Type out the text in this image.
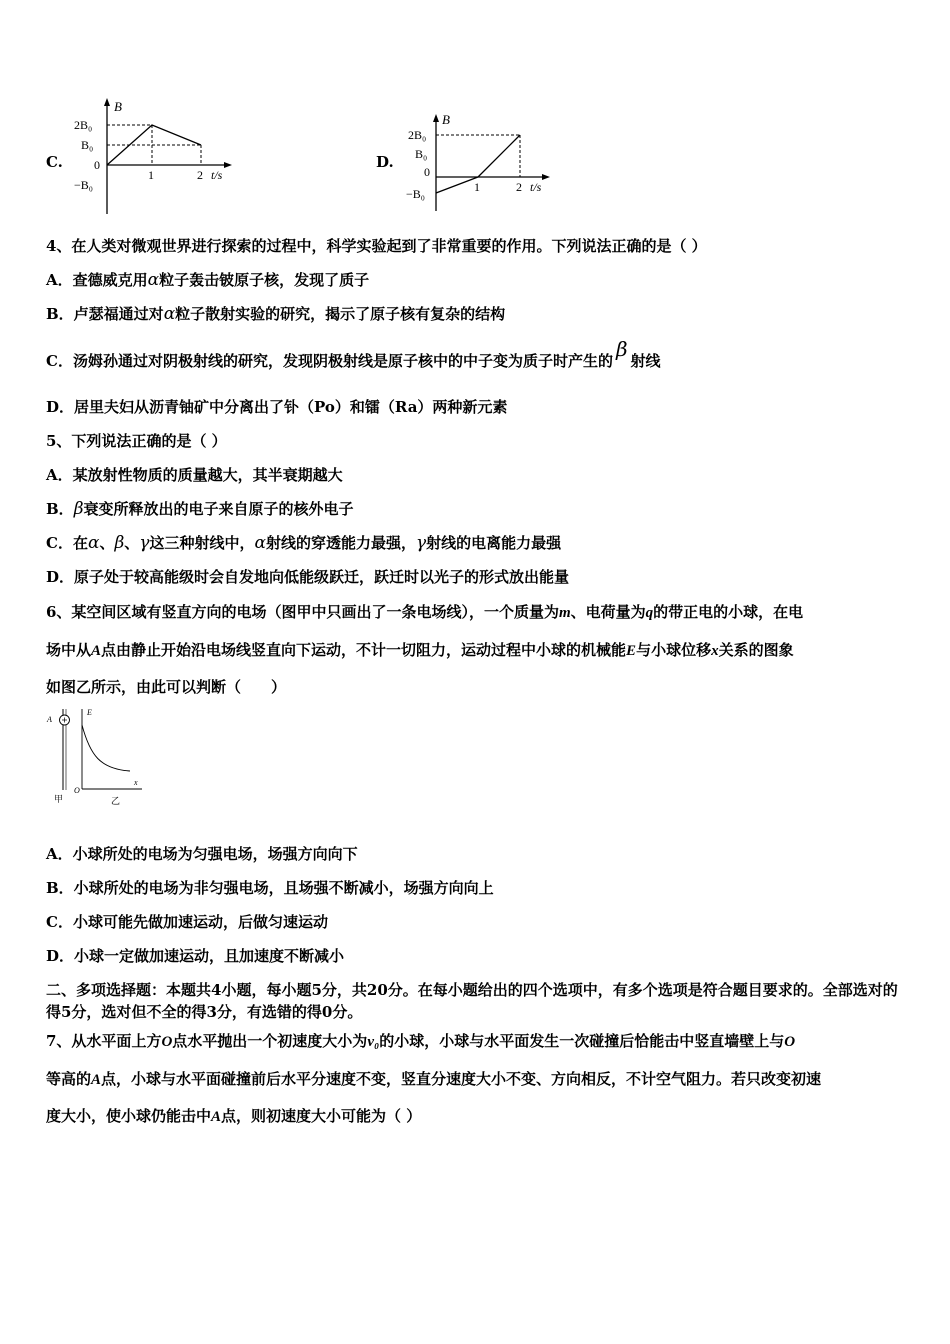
C.
B
2B₀
B₀
0
−B₀
1	2 t/s
D.
B
2B₀
B₀
0
−B₀	1	2 t/s
4、在人类对微观世界进行探索的过程中，科学实验起到了非常重要的作用。下列说法正确的是（ ）
A．查德威克用α粒子轰击铍原子核，发现了质子
B．卢瑟福通过对α粒子散射实验的研究，揭示了原子核有复杂的结构
C．汤姆孙通过对阴极射线的研究，发现阴极射线是原子核中的中子变为质子时产生的 β 射线
D．居里夫妇从沥青铀矿中分离出了钋（Po）和镭（Ra）两种新元素
5、下列说法正确的是（ ）
A．某放射性物质的质量越大，其半衰期越大
B．β衰变所释放出的电子来自原子的核外电子
C．在α、β、γ这三种射线中，α射线的穿透能力最强，γ射线的电离能力最强
D．原子处于较高能级时会自发地向低能级跃迁，跃迁时以光子的形式放出能量
6、某空间区域有竖直方向的电场（图甲中只画出了一条电场线），一个质量为m、电荷量为q的带正电的小球，在电
场中从A点由静止开始沿电场线竖直向下运动，不计一切阻力，运动过程中小球的机械能E与小球位移x关系的图象
如图乙所示，由此可以判断（　　）
A
甲
E
x
O
乙
A．小球所处的电场为匀强电场，场强方向向下
B．小球所处的电场为非匀强电场，且场强不断减小，场强方向向上
C．小球可能先做加速运动，后做匀速运动
D．小球一定做加速运动，且加速度不断减小
二、多项选择题：本题共4小题，每小题5分，共20分。在每小题给出的四个选项中，有多个选项是符合题目要求的。全部选对的得5分，选对但不全的得3分，有选错的得0分。
7、从水平面上方O点水平抛出一个初速度大小为v₀的小球，小球与水平面发生一次碰撞后恰能击中竖直墙壁上与O
等高的A点，小球与水平面碰撞前后水平分速度不变，竖直分速度大小不变、方向相反，不计空气阻力。若只改变初速
度大小，使小球仍能击中A点，则初速度大小可能为（ ）
